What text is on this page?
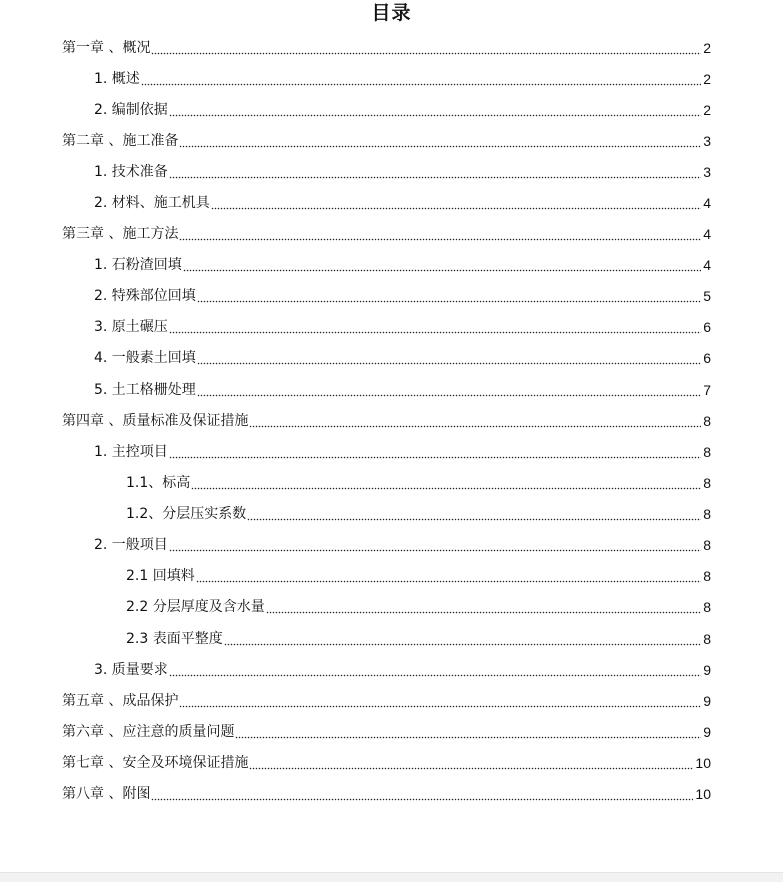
目录
第一章 、概况	2
1. 概述	2
2. 编制依据	2
第二章 、施工准备	3
1. 技术准备	3
2. 材料、施工机具	4
第三章 、施工方法	4
1. 石粉渣回填	4
2. 特殊部位回填	5
3. 原土碾压	6
4. 一般素土回填	6
5. 土工格栅处理	7
第四章 、质量标准及保证措施	8
1. 主控项目	8
1.1、标高	8
1.2、分层压实系数	8
2. 一般项目	8
2.1 回填料	8
2.2 分层厚度及含水量	8
2.3 表面平整度	8
3. 质量要求	9
第五章 、成品保护	9
第六章 、应注意的质量问题	9
第七章 、安全及环境保证措施	10
第八章 、附图	10
